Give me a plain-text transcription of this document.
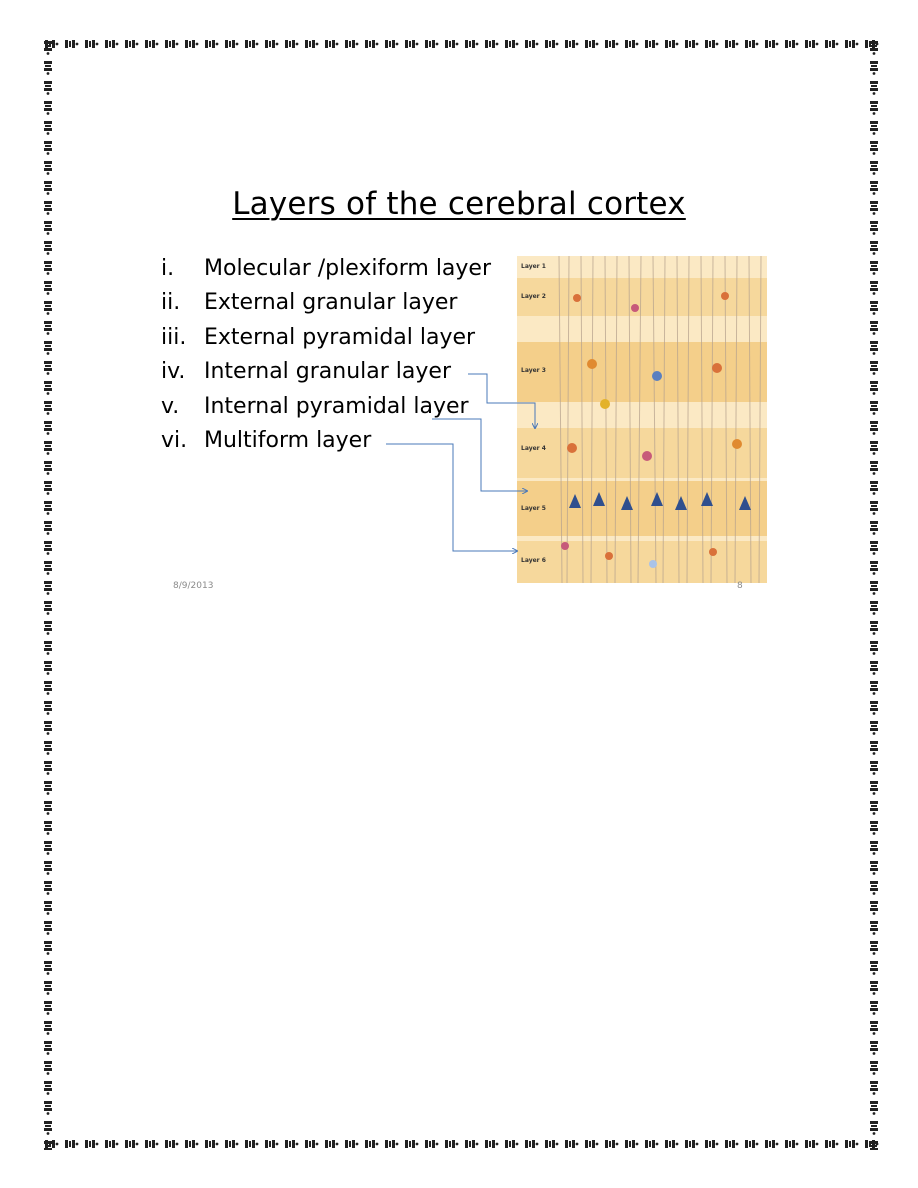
Layers of the cerebral cortex
i.	Molecular /plexiform layer
ii.	External granular layer
iii. External pyramidal layer
iv. Internal granular layer
v.	Internal pyramidal layer
vi. Multiform layer
Layer 1
Layer 2
Layer 3
Layer 4
Layer 5
Layer 6
8/9/2013	8
